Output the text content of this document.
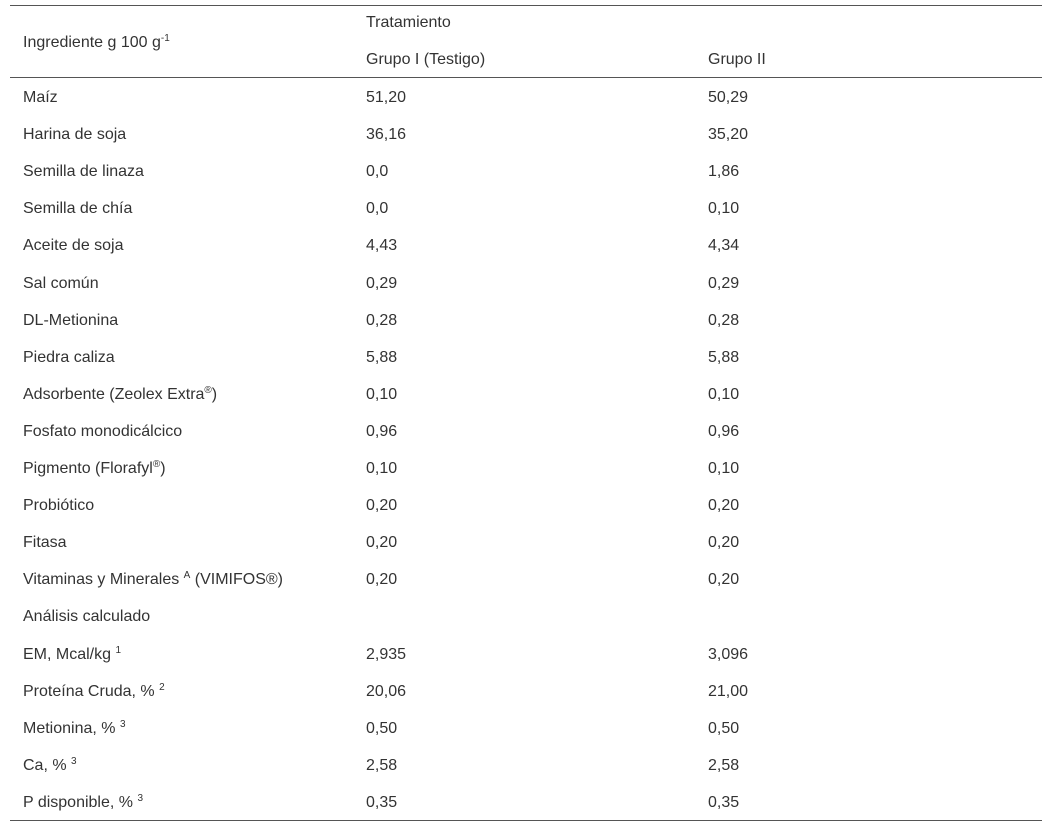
Ingrediente g 100 $g^{-1}$
Tratamiento
Grupo I (Testigo)	Grupo II
Maíz	51,20	50,29
Harina de soja	36,16	35,20
Semilla de linaza	0,0	1,86
Semilla de chía	0,0	0,10
Aceite de soja	4,43	4,34
Sal común	0,29	0,29
DL-Metionina	0,28	0,28
Piedra caliza	5,88	5,88
Adsorbente (Zeolex Extra®)	0,10	0,10
Fosfato monodicálcico	0,96	0,96
Pigmento (Florafyl®)	0,10	0,10
Probiótico	0,20	0,20
Fitasa	0,20	0,20
Vitaminas y Minerales $^A$ (VIMIFOS®)	0,20	0,20
Análisis calculado
EM, Mcal/kg $^1$	2,935	3,096
Proteína Cruda, % $^2$	20,06	21,00
Metionina, % $^3$	0,50	0,50
Ca, % $^3$	2,58	2,58
P disponible, % $^3$	0,35	0,35
